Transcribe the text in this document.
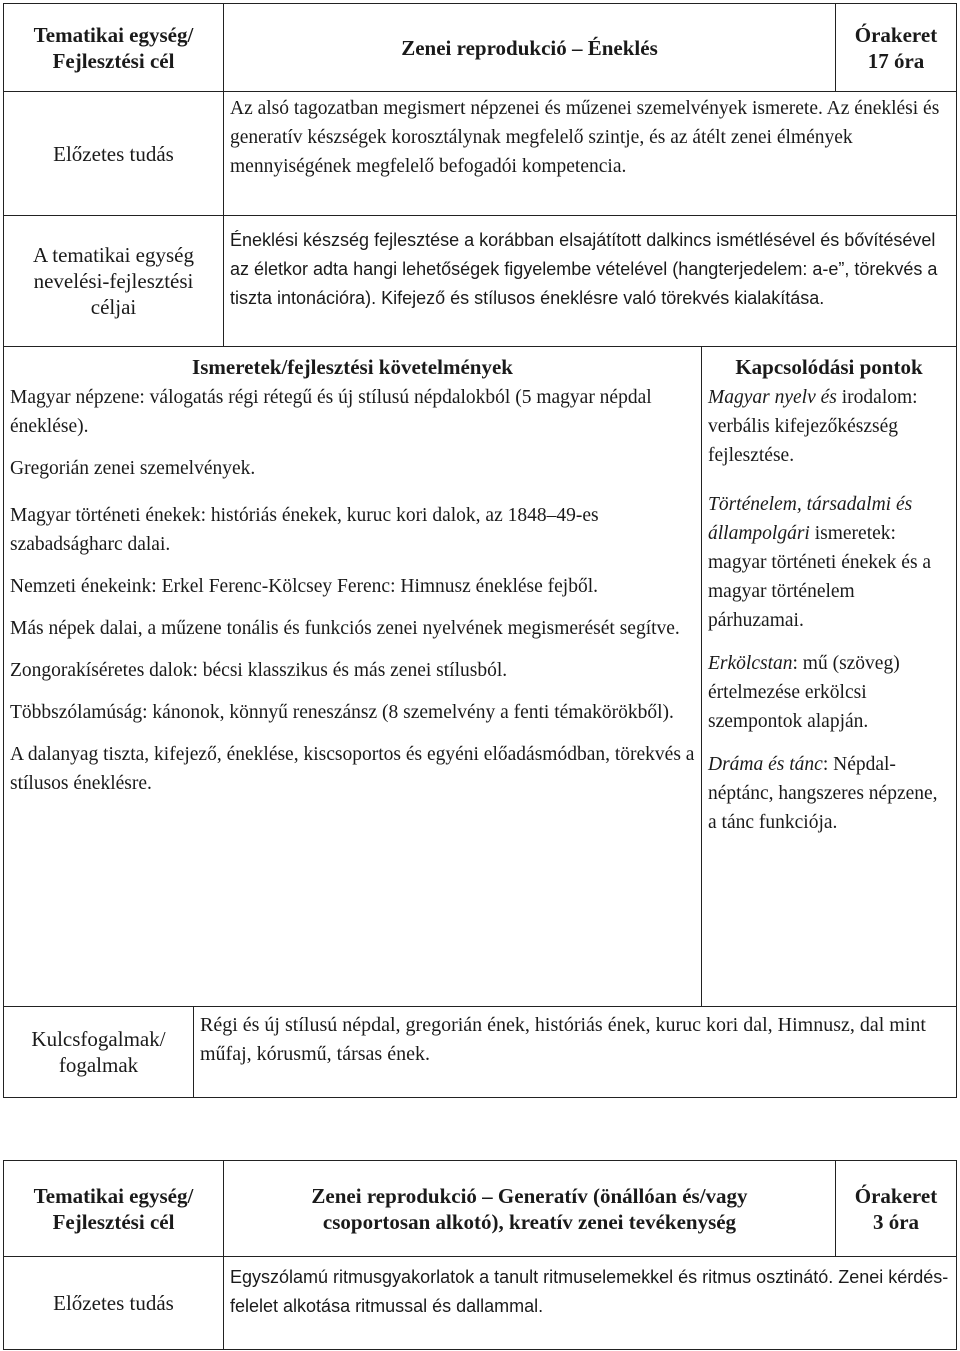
Tematikai egység/
Fejlesztési cél
Zenei reprodukció – Éneklés
Órakeret
17 óra
Előzetes tudás
Az alsó tagozatban megismert népzenei és műzenei szemelvények ismerete. Az éneklési és generatív készségek korosztálynak megfelelő szintje, és az átélt zenei élmények mennyiségének megfelelő befogadói kompetencia.
A tematikai egység
nevelési-fejlesztési
céljai
Éneklési készség fejlesztése a korábban elsajátított dalkincs ismétlésével és bővítésével az életkor adta hangi lehetőségek figyelembe vételével (hangterjedelem: a-e”, törekvés a tiszta intonációra). Kifejező és stílusos éneklésre való törekvés kialakítása.
Ismeretek/fejlesztési követelmények

Magyar népzene: válogatás régi rétegű és új stílusú népdalokból (5 magyar népdal éneklése).

Gregorián zenei szemelvények.

Magyar történeti énekek: históriás énekek, kuruc kori dalok, az 1848–49-es szabadságharc dalai.

Nemzeti énekeink: Erkel Ferenc-Kölcsey Ferenc: Himnusz éneklése fejből.

Más népek dalai, a műzene tonális és funkciós zenei nyelvének megismerését segítve.

Zongorakíséretes dalok: bécsi klasszikus és más zenei stílusból.

Többszólamúság: kánonok, könnyű reneszánsz (8 szemelvény a fenti témakörökből).

A dalanyag tiszta, kifejező, éneklése, kiscsoportos és egyéni előadásmódban, törekvés a stílusos éneklésre.

Kapcsolódási pontok

Magyar nyelv és irodalom: verbális kifejezőkészség fejlesztése.

Történelem, társadalmi és állampolgári ismeretek: magyar történeti énekek és a magyar történelem párhuzamai.

Erkölcstan: mű (szöveg) értelmezése erkölcsi szempontok alapján.

Dráma és tánc: Népdal-néptánc, hangszeres népzene, a tánc funkciója.

Kulcsfogalmak/
fogalmak
Régi és új stílusú népdal, gregorián ének, históriás ének, kuruc kori dal, Himnusz, dal mint műfaj, kórusmű, társas ének.
Tematikai egység/
Fejlesztési cél
Zenei reprodukció – Generatív (önállóan és/vagy
csoportosan alkotó), kreatív zenei tevékenység
Órakeret
3 óra
Előzetes tudás
Egyszólamú ritmusgyakorlatok a tanult ritmuselemekkel és ritmus osztinátó. Zenei kérdés-felelet alkotása ritmussal és dallammal.
